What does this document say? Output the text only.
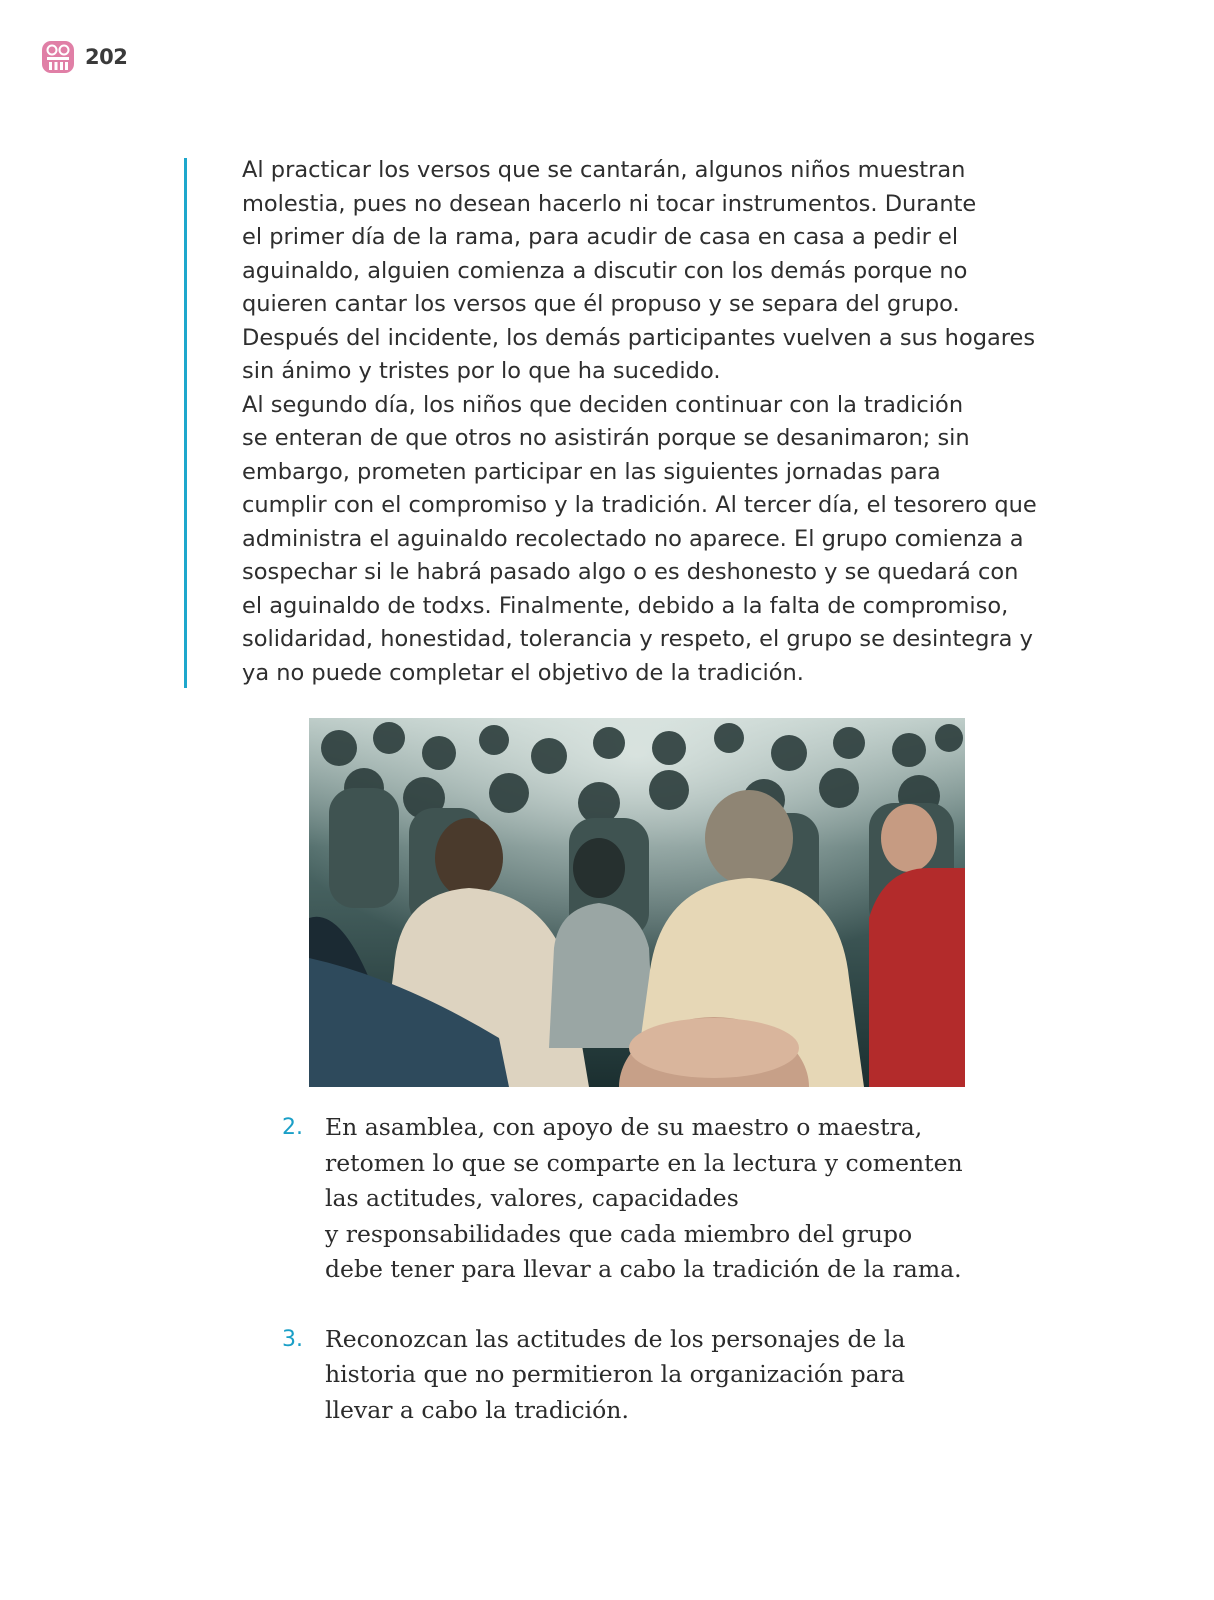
202

Al practicar los versos que se cantarán, algunos niños muestran
molestia, pues no desean hacerlo ni tocar instrumentos. Durante
el primer día de la rama, para acudir de casa en casa a pedir el
aguinaldo, alguien comienza a discutir con los demás porque no
quieren cantar los versos que él propuso y se separa del grupo.
Después del incidente, los demás participantes vuelven a sus hogares
sin ánimo y tristes por lo que ha sucedido.

Al segundo día, los niños que deciden continuar con la tradición
se enteran de que otros no asistirán porque se desanimaron; sin
embargo, prometen participar en las siguientes jornadas para
cumplir con el compromiso y la tradición. Al tercer día, el tesorero que
administra el aguinaldo recolectado no aparece. El grupo comienza a
sospechar si le habrá pasado algo o es deshonesto y se quedará con
el aguinaldo de todxs. Finalmente, debido a la falta de compromiso,
solidaridad, honestidad, tolerancia y respeto, el grupo se desintegra y
ya no puede completar el objetivo de la tradición.

2. En asamblea, con apoyo de su maestro o maestra,
retomen lo que se comparte en la lectura y comenten
las actitudes, valores, capacidades
y responsabilidades que cada miembro del grupo
debe tener para llevar a cabo la tradición de la rama.
3. Reconozcan las actitudes de los personajes de la
historia que no permitieron la organización para
llevar a cabo la tradición.
